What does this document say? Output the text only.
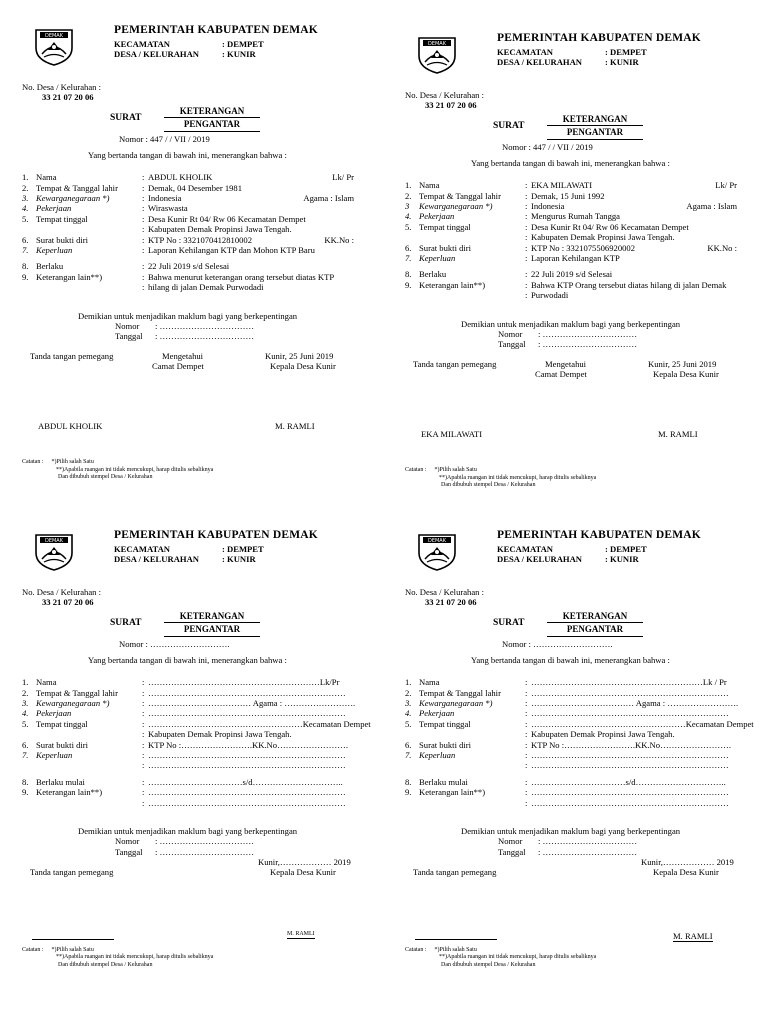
DEMAK	PEMERINTAH KABUPATEN DEMAK
KECAMATAN	: DEMPET
DESA / KELURAHAN	: KUNIR
No. Desa / Kelurahan :
33 21 07 20 06
SURAT
KETERANGAN
PENGANTAR
Nomor : 447 / / VII / 2019
Yang bertanda tangan di bawah ini, menerangkan bahwa :
1. Nama	: ABDUL KHOLIK	Lk/ Pr
2. Tempat & Tanggal lahir	: Demak, 04 Desember 1981
3. Kewarganegaraan *)	: Indonesia	Agama : Islam
4. Pekerjaan	: Wiraswasta
5. Tempat tinggal	: Desa Kunir Rt 04/ Rw 06 Kecamatan Dempet
: Kabupaten Demak Propinsi Jawa Tengah.
6. Surat bukti diri	: KTP No : 3321070412810002	KK.No :
7. Keperluan	: Laporan Kehilangan KTP dan Mohon KTP Baru
8. Berlaku	: 22 Juli 2019 s/d Selesai
9. Keterangan lain**)	: Bahwa menurut keterangan orang tersebut diatas KTP
: hilang di jalan Demak Purwodadi
Demikian untuk menjadikan maklum bagi yang berkepentingan
Nomor	: ……………………………
Tanggal	: ……………………………
Tanda tangan pemegang	Mengetahui
Camat Dempet
Kunir, 25 Juni 2019
Kepala Desa Kunir
ABDUL KHOLIK	M. RAMLI
Catatan : *)Pilih salah Satu
**)Apabila ruangan ini tidak mencukupi, harap ditulis sebaliknya
Dan dibubuh stempel Desa / Kelurahan
DEMAK	PEMERINTAH KABUPATEN DEMAK
KECAMATAN	: DEMPET
DESA / KELURAHAN	: KUNIR
No. Desa / Kelurahan :
33 21 07 20 06
SURAT
KETERANGAN
PENGANTAR
Nomor : 447 / / VII / 2019
Yang bertanda tangan di bawah ini, menerangkan bahwa :
1. Nama	: EKA MILAWATI	Lk/ Pr
2. Tempat & Tanggal lahir	: Demak, 15 Juni 1992
3 Kewarganegaraan *)	: Indonesia	Agama : Islam
4. Pekerjaan	: Mengurus Rumah Tangga
5. Tempat tinggal	: Desa Kunir Rt 04/ Rw 06 Kecamatan Dempet
: Kabupaten Demak Propinsi Jawa Tengah.
6. Surat bukti diri	: KTP No : 3321075506920002	KK.No :
7. Keperluan	: Laporan Kehilangan KTP
8. Berlaku	: 22 Juli 2019 s/d Selesai
9. Keterangan lain**)	: Bahwa KTP Orang tersebut diatas hilang di jalan Demak
: Purwodadi
Demikian untuk menjadikan maklum bagi yang berkepentingan
Nomor	: ……………………………
Tanggal	: ……………………………
Tanda tangan pemegang	Mengetahui
Camat Dempet
Kunir, 25 Juni 2019
Kepala Desa Kunir
EKA MILAWATI	M. RAMLI
Catatan : *)Pilih salah Satu
**)Apabila ruangan ini tidak mencukupi, harap ditulis sebaliknya
Dan dibubuh stempel Desa / Kelurahan
DEMAK	PEMERINTAH KABUPATEN DEMAK
KECAMATAN	: DEMPET
DESA / KELURAHAN	: KUNIR
No. Desa / Kelurahan :
33 21 07 20 06
SURAT
KETERANGAN
PENGANTAR
Nomor : ……………………….
Yang bertanda tangan di bawah ini, menerangkan bahwa :
1. Nama	: ……………………………………………………Lk/Pr
2. Tempat & Tanggal lahir	: ……………………………………………………………
3. Kewarganegaraan *)	: ……………………………… Agama : …………………….
4. Pekerjaan	: ……………………………………………………………
5. Tempat tinggal	: ………………………………………………Kecamatan Dempet
: Kabupaten Demak Propinsi Jawa Tengah.
6. Surat bukti diri	: KTP No :…………………….KK.No…………………….
7. Keperluan	: ……………………………………………………………
: ……………………………………………………………
8. Berlaku mulai	: ……………………………s/d…………………………..
9. Keterangan lain**)	: ……………………………………………………………
: ……………………………………………………………
Demikian untuk menjadikan maklum bagi yang berkepentingan
Nomor	: ……………………………
Tanggal	: ……………………………
Tanda tangan pemegang
Kunir,……………… 2019
Kepala Desa Kunir
M. RAMLI
Catatan : *)Pilih salah Satu
**)Apabila ruangan ini tidak mencukupi, harap ditulis sebaliknya
Dan dibubuh stempel Desa / Kelurahan
DEMAK	PEMERINTAH KABUPATEN DEMAK
KECAMATAN	: DEMPET
DESA / KELURAHAN	: KUNIR
No. Desa / Kelurahan :
33 21 07 20 06
SURAT
KETERANGAN
PENGANTAR
Nomor : ……………………….
Yang bertanda tangan di bawah ini, menerangkan bahwa :
1. Nama	: ……………………………………………………Lk / Pr
2. Tempat & Tanggal lahir	: ……………………………………………………………
3. Kewarganegaraan *)	: ……………………………… Agama : …………………….
4. Pekerjaan	: ……………………………………………………………
5. Tempat tinggal	: ………………………………………………Kecamatan Dempet
: Kabupaten Demak Propinsi Jawa Tengah.
6. Surat bukti diri	: KTP No :…………………….KK.No…………………….
7. Keperluan	: ……………………………………………………………
: ……………………………………………………………
8. Berlaku mulai	: ……………………………s/d…………………………..
9. Keterangan lain**)	: ……………………………………………………………
: ……………………………………………………………
Demikian untuk menjadikan maklum bagi yang berkepentingan
Nomor	: ……………………………
Tanggal	: ……………………………
Tanda tangan pemegang
Kunir,……………… 2019
Kepala Desa Kunir
M. RAMLI
Catatan : *)Pilih salah Satu
**)Apabila ruangan ini tidak mencukupi, harap ditulis sebaliknya
Dan dibubuh stempel Desa / Kelurahan
